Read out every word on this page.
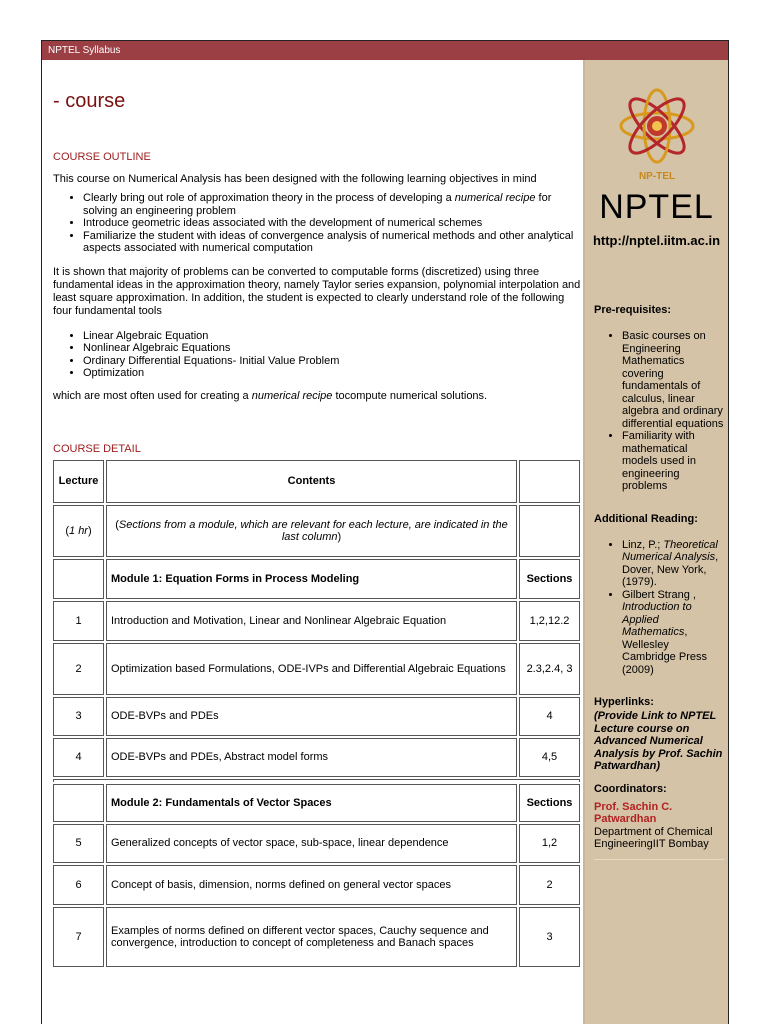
NPTEL Syllabus
- course
COURSE OUTLINE

This course on Numerical Analysis has been designed with the following learning objectives in mind

• Clearly bring out role of approximation theory in the process of developing a numerical recipe for solving an engineering problem
• Introduce geometric ideas associated with the development of numerical schemes
• Familiarize the student with ideas of convergence analysis of numerical methods and other analytical aspects associated with numerical computation

It is shown that majority of problems can be converted to computable forms (discretized) using three fundamental ideas in the approximation theory, namely Taylor series expansion, polynomial interpolation and least square approximation. In addition, the student is expected to clearly understand role of the following four fundamental tools

• Linear Algebraic Equation
• Nonlinear Algebraic Equations
• Ordinary Differential Equations- Initial Value Problem
• Optimization

which are most often used for creating a numerical recipe tocompute numerical solutions.

COURSE DETAIL
Lecture	Contents	
(1 hr)	(Sections from a module, which are relevant for each lecture, are indicated in the last column)	
	Module 1: Equation Forms in Process Modeling	Sections
1	Introduction and Motivation, Linear and Nonlinear Algebraic Equation	1,2,12.2
2	Optimization based Formulations, ODE-IVPs and Differential Algebraic Equations	2.3,2.4, 3
3	ODE-BVPs and PDEs	4
4	ODE-BVPs and PDEs, Abstract model forms	4,5

	Module 2: Fundamentals of Vector Spaces	Sections
5	Generalized concepts of vector space, sub-space, linear dependence	1,2
6	Concept of basis, dimension, norms defined on general vector spaces	2
7	Examples of norms defined on different vector spaces, Cauchy sequence and convergence, introduction to concept of completeness and Banach spaces	3
NP-TEL
NPTEL
http://nptel.iitm.ac.in
Pre-requisites:
• Basic courses on Engineering Mathematics covering fundamentals of calculus, linear algebra and ordinary differential equations
• Familiarity with mathematical models used in engineering problems
Additional Reading:
• Linz, P.; Theoretical Numerical Analysis, Dover, New York, (1979).
• Gilbert Strang , Introduction to Applied Mathematics, Wellesley Cambridge Press (2009)
Hyperlinks:
(Provide Link to NPTEL Lecture course on Advanced Numerical Analysis by Prof. Sachin Patwardhan)
Coordinators:
Prof. Sachin C. Patwardhan
Department of Chemical EngineeringIIT Bombay
